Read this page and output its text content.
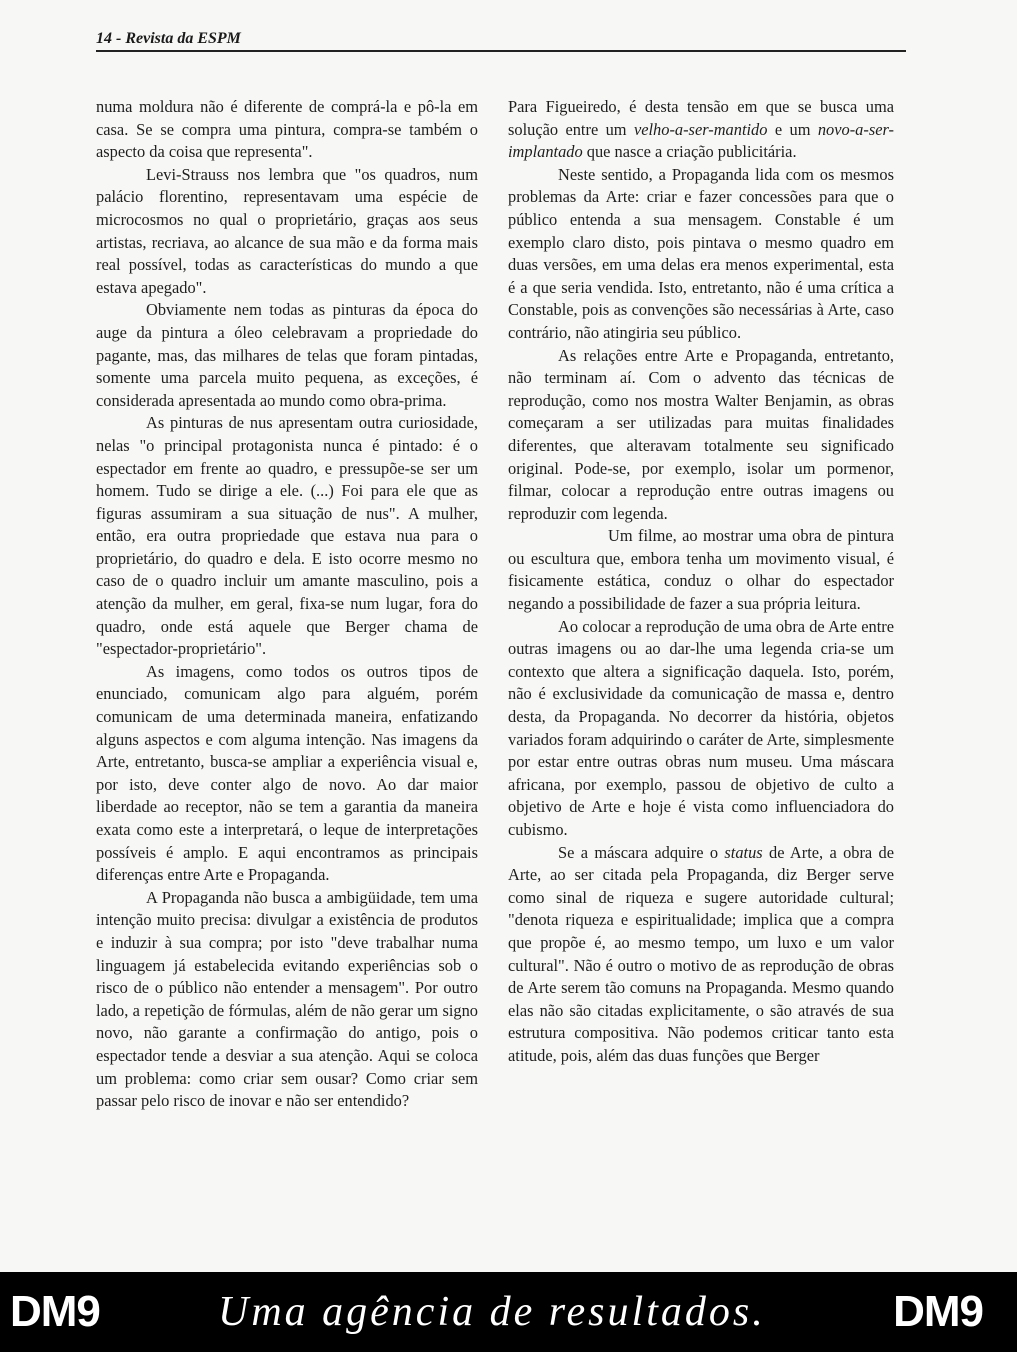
14 - Revista da ESPM

numa moldura não é diferente de comprá-la e pô-la em casa. Se se compra uma pintura, compra-se também o aspecto da coisa que representa".

Levi-Strauss nos lembra que "os quadros, num palácio florentino, representavam uma espécie de microcosmos no qual o proprietário, graças aos seus artistas, recriava, ao alcance de sua mão e da forma mais real possível, todas as características do mundo a que estava apegado".

Obviamente nem todas as pinturas da época do auge da pintura a óleo celebravam a propriedade do pagante, mas, das milhares de telas que foram pintadas, somente uma parcela muito pequena, as exceções, é considerada apresentada ao mundo como obra-prima.

As pinturas de nus apresentam outra curiosidade, nelas "o principal protagonista nunca é pintado: é o espectador em frente ao quadro, e pressupõe-se ser um homem. Tudo se dirige a ele. (...) Foi para ele que as figuras assumiram a sua situação de nus". A mulher, então, era outra propriedade que estava nua para o proprietário, do quadro e dela. E isto ocorre mesmo no caso de o quadro incluir um amante masculino, pois a atenção da mulher, em geral, fixa-se num lugar, fora do quadro, onde está aquele que Berger chama de "espectador-proprietário".

As imagens, como todos os outros tipos de enunciado, comunicam algo para alguém, porém comunicam de uma determinada maneira, enfatizando alguns aspectos e com alguma intenção. Nas imagens da Arte, entretanto, busca-se ampliar a experiência visual e, por isto, deve conter algo de novo. Ao dar maior liberdade ao receptor, não se tem a garantia da maneira exata como este a interpretará, o leque de interpretações possíveis é amplo. E aqui encontramos as principais diferenças entre Arte e Propaganda.

A Propaganda não busca a ambigüidade, tem uma intenção muito precisa: divulgar a existência de produtos e induzir à sua compra; por isto "deve trabalhar numa linguagem já estabelecida evitando experiências sob o risco de o público não entender a mensagem". Por outro lado, a repetição de fórmulas, além de não gerar um signo novo, não garante a confirmação do antigo, pois o espectador tende a desviar a sua atenção. Aqui se coloca um problema: como criar sem ousar? Como criar sem passar pelo risco de inovar e não ser entendido?

Para Figueiredo, é desta tensão em que se busca uma solução entre um velho-a-ser-mantido e um novo-a-ser-implantado que nasce a criação publicitária.

Neste sentido, a Propaganda lida com os mesmos problemas da Arte: criar e fazer concessões para que o público entenda a sua mensagem. Constable é um exemplo claro disto, pois pintava o mesmo quadro em duas versões, em uma delas era menos experimental, esta é a que seria vendida. Isto, entretanto, não é uma crítica a Constable, pois as convenções são necessárias à Arte, caso contrário, não atingiria seu público.

As relações entre Arte e Propaganda, entretanto, não terminam aí. Com o advento das técnicas de reprodução, como nos mostra Walter Benjamin, as obras começaram a ser utilizadas para muitas finalidades diferentes, que alteravam totalmente seu significado original. Pode-se, por exemplo, isolar um pormenor, filmar, colocar a reprodução entre outras imagens ou reproduzir com legenda.

Um filme, ao mostrar uma obra de pintura ou escultura que, embora tenha um movimento visual, é fisicamente estática, conduz o olhar do espectador negando a possibilidade de fazer a sua própria leitura.

Ao colocar a reprodução de uma obra de Arte entre outras imagens ou ao dar-lhe uma legenda cria-se um contexto que altera a significação daquela. Isto, porém, não é exclusividade da comunicação de massa e, dentro desta, da Propaganda. No decorrer da história, objetos variados foram adquirindo o caráter de Arte, simplesmente por estar entre outras obras num museu. Uma máscara africana, por exemplo, passou de objetivo de culto a objetivo de Arte e hoje é vista como influenciadora do cubismo.

Se a máscara adquire o status de Arte, a obra de Arte, ao ser citada pela Propaganda, diz Berger serve como sinal de riqueza e sugere autoridade cultural; "denota riqueza e espiritualidade; implica que a compra que propõe é, ao mesmo tempo, um luxo e um valor cultural". Não é outro o motivo de as reprodução de obras de Arte serem tão comuns na Propaganda. Mesmo quando elas não são citadas explicitamente, o são através de sua estrutura compositiva. Não podemos criticar tanto esta atitude, pois, além das duas funções que Berger

DM9	Uma agência de resultados.	DM9
